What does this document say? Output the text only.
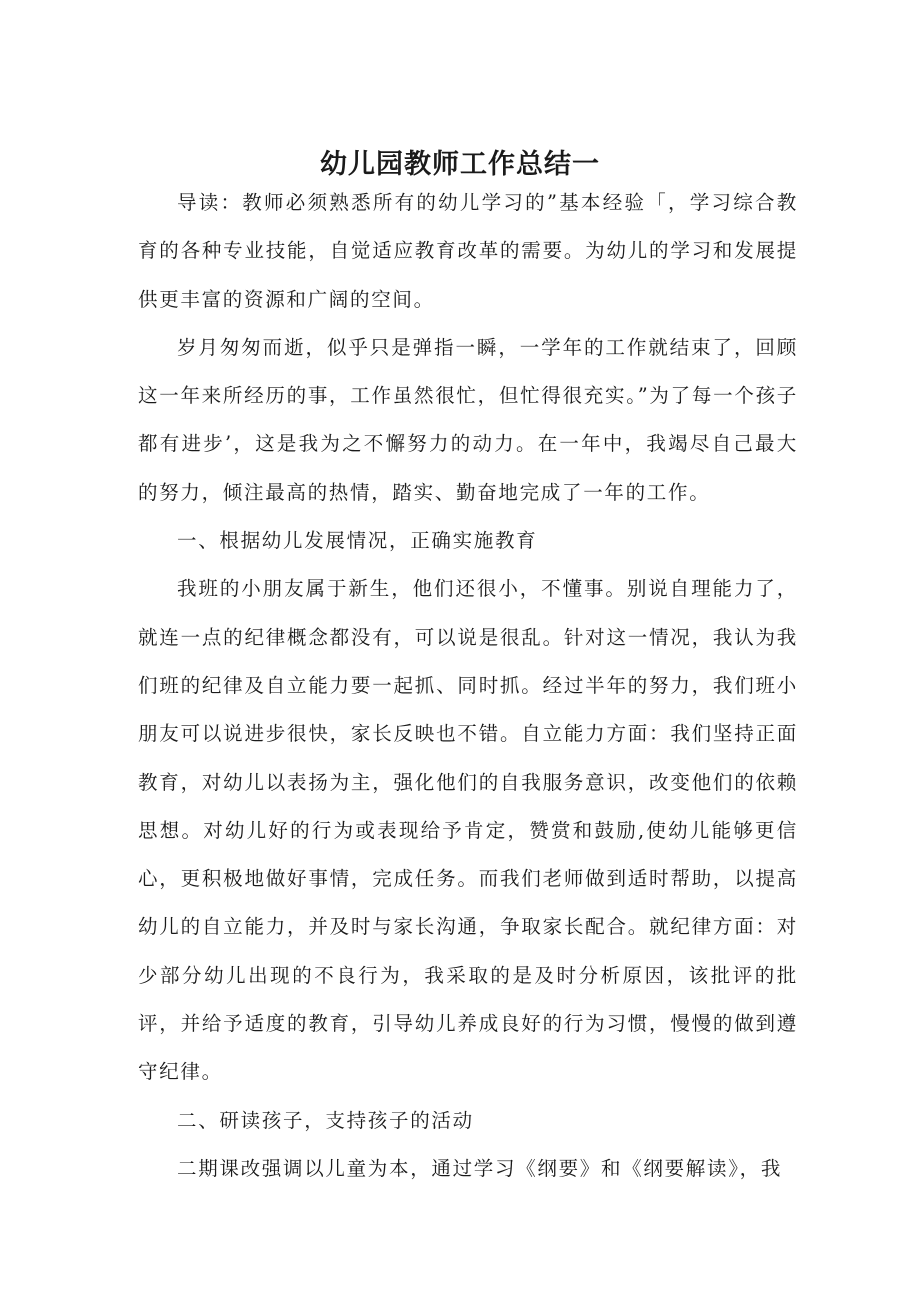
幼儿园教师工作总结一

导读：教师必须熟悉所有的幼儿学习的”基本经验「，学习综合教育的各种专业技能，自觉适应教育改革的需要。为幼儿的学习和发展提供更丰富的资源和广阔的空间。

岁月匆匆而逝，似乎只是弹指一瞬，一学年的工作就结束了，回顾这一年来所经历的事，工作虽然很忙，但忙得很充实。”为了每一个孩子都有进步’，这是我为之不懈努力的动力。在一年中，我竭尽自己最大的努力，倾注最高的热情，踏实、勤奋地完成了一年的工作。

一、根据幼儿发展情况，正确实施教育

我班的小朋友属于新生，他们还很小，不懂事。别说自理能力了，就连一点的纪律概念都没有，可以说是很乱。针对这一情况，我认为我们班的纪律及自立能力要一起抓、同时抓。经过半年的努力，我们班小朋友可以说进步很快，家长反映也不错。自立能力方面：我们坚持正面教育，对幼儿以表扬为主，强化他们的自我服务意识，改变他们的依赖思想。对幼儿好的行为或表现给予肯定，赞赏和鼓励,使幼儿能够更信心，更积极地做好事情，完成任务。而我们老师做到适时帮助，以提高幼儿的自立能力，并及时与家长沟通，争取家长配合。就纪律方面：对少部分幼儿出现的不良行为，我采取的是及时分析原因，该批评的批评，并给予适度的教育，引导幼儿养成良好的行为习惯，慢慢的做到遵守纪律。

二、研读孩子，支持孩子的活动

二期课改强调以儿童为本，通过学习《纲要》和《纲要解读》，我
